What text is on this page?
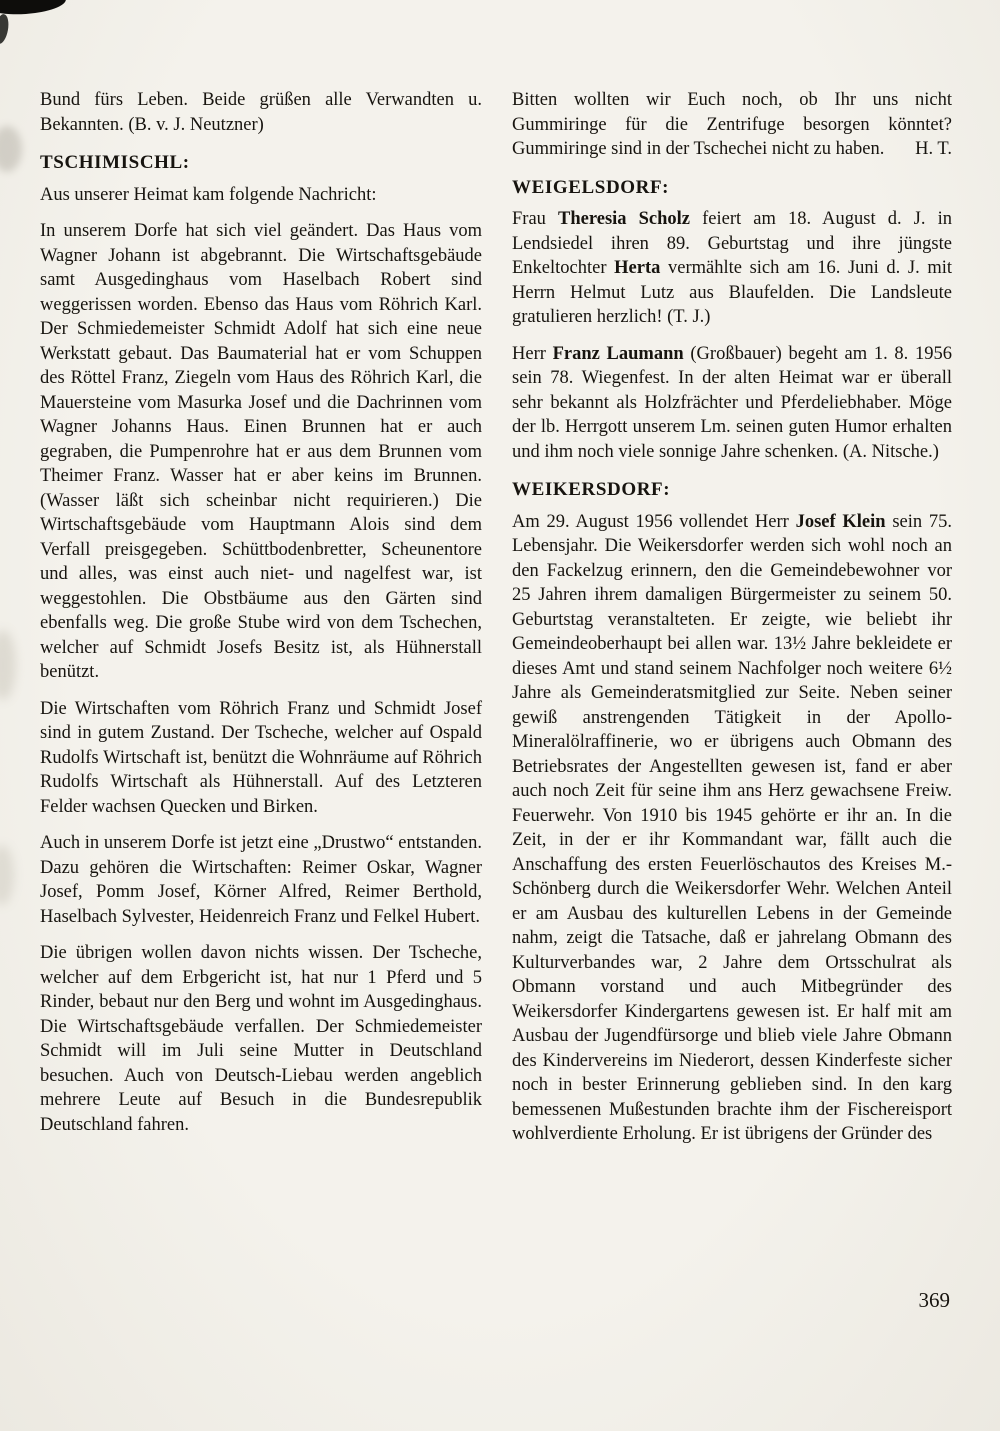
Bund fürs Leben. Beide grüßen alle Verwandten u. Bekannten. (B. v. J. Neutzner)

TSCHIMISCHL:

Aus unserer Heimat kam folgende Nachricht:

In unserem Dorfe hat sich viel geändert. Das Haus vom Wagner Johann ist abgebrannt. Die Wirtschaftsgebäude samt Ausgedinghaus vom Haselbach Robert sind weggerissen worden. Ebenso das Haus vom Röhrich Karl. Der Schmiedemeister Schmidt Adolf hat sich eine neue Werkstatt gebaut. Das Baumaterial hat er vom Schuppen des Röttel Franz, Ziegeln vom Haus des Röhrich Karl, die Mauersteine vom Masurka Josef und die Dachrinnen vom Wagner Johanns Haus. Einen Brunnen hat er auch gegraben, die Pumpenrohre hat er aus dem Brunnen vom Theimer Franz. Wasser hat er aber keins im Brunnen. (Wasser läßt sich scheinbar nicht requirieren.) Die Wirtschaftsgebäude vom Hauptmann Alois sind dem Verfall preisgegeben. Schüttbodenbretter, Scheunentore und alles, was einst auch niet- und nagelfest war, ist weggestohlen. Die Obstbäume aus den Gärten sind ebenfalls weg. Die große Stube wird von dem Tschechen, welcher auf Schmidt Josefs Besitz ist, als Hühnerstall benützt.

Die Wirtschaften vom Röhrich Franz und Schmidt Josef sind in gutem Zustand. Der Tscheche, welcher auf Ospald Rudolfs Wirtschaft ist, benützt die Wohnräume auf Röhrich Rudolfs Wirtschaft als Hühnerstall. Auf des Letzteren Felder wachsen Quecken und Birken.

Auch in unserem Dorfe ist jetzt eine „Drustwo“ entstanden. Dazu gehören die Wirtschaften: Reimer Oskar, Wagner Josef, Pomm Josef, Körner Alfred, Reimer Berthold, Haselbach Sylvester, Heidenreich Franz und Felkel Hubert.

Die übrigen wollen davon nichts wissen. Der Tscheche, welcher auf dem Erbgericht ist, hat nur 1 Pferd und 5 Rinder, bebaut nur den Berg und wohnt im Ausgedinghaus. Die Wirtschaftsgebäude verfallen. Der Schmiedemeister Schmidt will im Juli seine Mutter in Deutschland besuchen. Auch von Deutsch-Liebau werden angeblich mehrere Leute auf Besuch in die Bundesrepublik Deutschland fahren.

Bitten wollten wir Euch noch, ob Ihr uns nicht Gummiringe für die Zentrifuge besorgen könntet? Gummiringe sind in der Tschechei nicht zu haben. H. T.

WEIGELSDORF:

Frau Theresia Scholz feiert am 18. August d. J. in Lendsiedel ihren 89. Geburtstag und ihre jüngste Enkeltochter Herta vermählte sich am 16. Juni d. J. mit Herrn Helmut Lutz aus Blaufelden. Die Landsleute gratulieren herzlich! (T. J.)

Herr Franz Laumann (Großbauer) begeht am 1. 8. 1956 sein 78. Wiegenfest. In der alten Heimat war er überall sehr bekannt als Holzfrächter und Pferdeliebhaber. Möge der lb. Herrgott unserem Lm. seinen guten Humor erhalten und ihm noch viele sonnige Jahre schenken. (A. Nitsche.)

WEIKERSDORF:

Am 29. August 1956 vollendet Herr Josef Klein sein 75. Lebensjahr. Die Weikersdorfer werden sich wohl noch an den Fackelzug erinnern, den die Gemeindebewohner vor 25 Jahren ihrem damaligen Bürgermeister zu seinem 50. Geburtstag veranstalteten. Er zeigte, wie beliebt ihr Gemeindeoberhaupt bei allen war. 13½ Jahre bekleidete er dieses Amt und stand seinem Nachfolger noch weitere 6½ Jahre als Gemeinderatsmitglied zur Seite. Neben seiner gewiß anstrengenden Tätigkeit in der Apollo-Mineralölraffinerie, wo er übrigens auch Obmann des Betriebsrates der Angestellten gewesen ist, fand er aber auch noch Zeit für seine ihm ans Herz gewachsene Freiw. Feuerwehr. Von 1910 bis 1945 gehörte er ihr an. In die Zeit, in der er ihr Kommandant war, fällt auch die Anschaffung des ersten Feuerlöschautos des Kreises M.-Schönberg durch die Weikersdorfer Wehr. Welchen Anteil er am Ausbau des kulturellen Lebens in der Gemeinde nahm, zeigt die Tatsache, daß er jahrelang Obmann des Kulturverbandes war, 2 Jahre dem Ortsschulrat als Obmann vorstand und auch Mitbegründer des Weikersdorfer Kindergartens gewesen ist. Er half mit am Ausbau der Jugendfürsorge und blieb viele Jahre Obmann des Kindervereins im Niederort, dessen Kinderfeste sicher noch in bester Erinnerung geblieben sind. In den karg bemessenen Mußestunden brachte ihm der Fischereisport wohlverdiente Erholung. Er ist übrigens der Gründer des

369
